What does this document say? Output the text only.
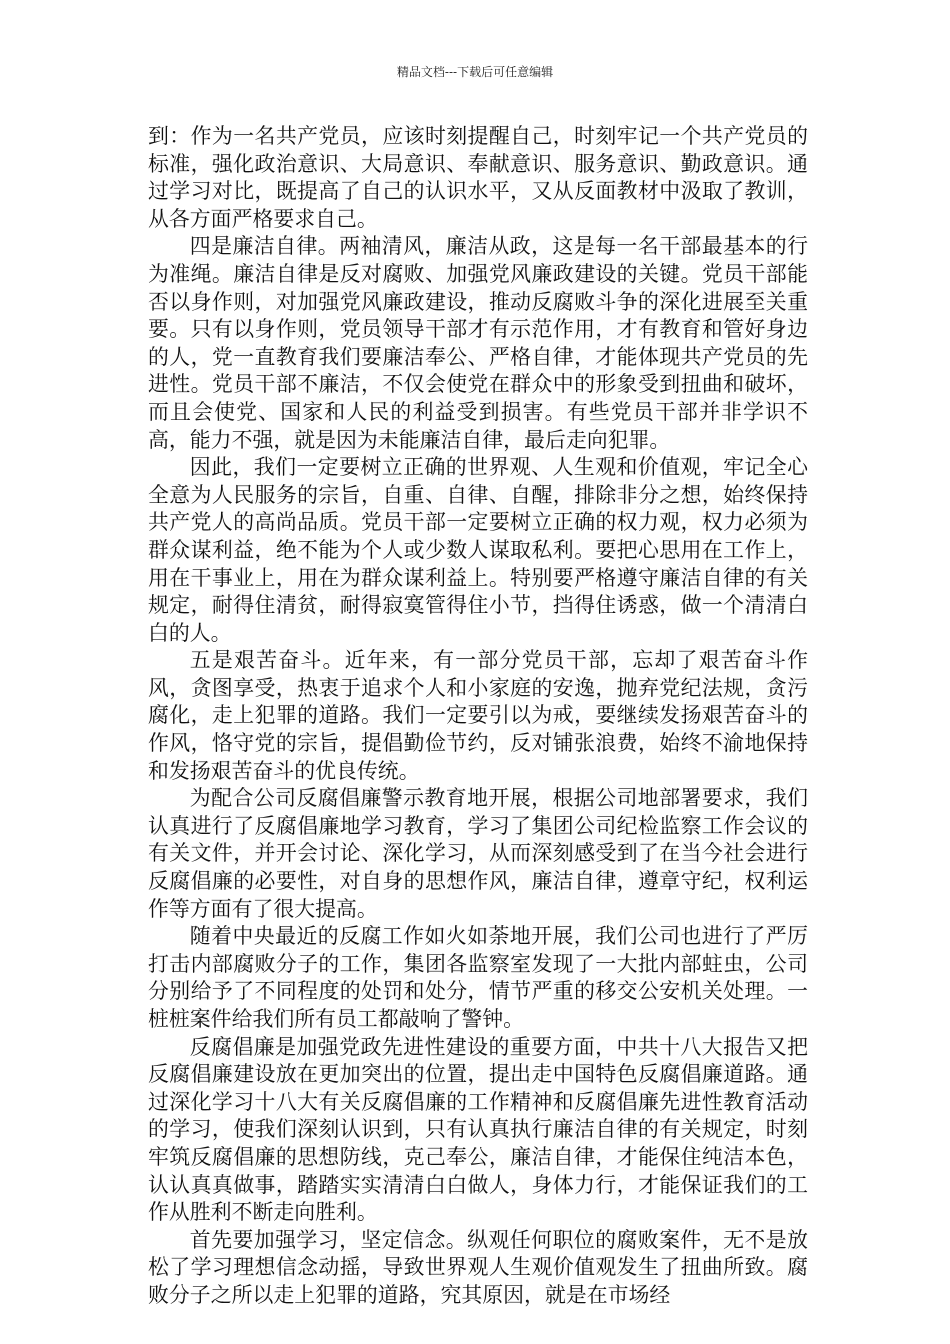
精品文档---下载后可任意编辑

到：作为一名共产党员，应该时刻提醒自己，时刻牢记一个共产党员的标准，强化政治意识、大局意识、奉献意识、服务意识、勤政意识。通过学习对比，既提高了自己的认识水平，又从反面教材中汲取了教训，从各方面严格要求自己。

四是廉洁自律。两袖清风，廉洁从政，这是每一名干部最基本的行为准绳。廉洁自律是反对腐败、加强党风廉政建设的关键。党员干部能否以身作则，对加强党风廉政建设，推动反腐败斗争的深化进展至关重要。只有以身作则，党员领导干部才有示范作用，才有教育和管好身边的人，党一直教育我们要廉洁奉公、严格自律，才能体现共产党员的先进性。党员干部不廉洁，不仅会使党在群众中的形象受到扭曲和破坏，而且会使党、国家和人民的利益受到损害。有些党员干部并非学识不高，能力不强，就是因为未能廉洁自律，最后走向犯罪。

因此，我们一定要树立正确的世界观、人生观和价值观，牢记全心全意为人民服务的宗旨，自重、自律、自醒，排除非分之想，始终保持共产党人的高尚品质。党员干部一定要树立正确的权力观，权力必须为群众谋利益，绝不能为个人或少数人谋取私利。要把心思用在工作上，用在干事业上，用在为群众谋利益上。特别要严格遵守廉洁自律的有关规定，耐得住清贫，耐得寂寞管得住小节，挡得住诱惑，做一个清清白白的人。

五是艰苦奋斗。近年来，有一部分党员干部，忘却了艰苦奋斗作风，贪图享受，热衷于追求个人和小家庭的安逸，抛弃党纪法规，贪污腐化，走上犯罪的道路。我们一定要引以为戒，要继续发扬艰苦奋斗的作风，恪守党的宗旨，提倡勤俭节约，反对铺张浪费，始终不渝地保持和发扬艰苦奋斗的优良传统。

为配合公司反腐倡廉警示教育地开展，根据公司地部署要求，我们认真进行了反腐倡廉地学习教育，学习了集团公司纪检监察工作会议的有关文件，并开会讨论、深化学习，从而深刻感受到了在当今社会进行反腐倡廉的必要性，对自身的思想作风，廉洁自律，遵章守纪，权利运作等方面有了很大提高。

随着中央最近的反腐工作如火如荼地开展，我们公司也进行了严厉打击内部腐败分子的工作，集团各监察室发现了一大批内部蛀虫，公司分别给予了不同程度的处罚和处分，情节严重的移交公安机关处理。一桩桩案件给我们所有员工都敲响了警钟。

反腐倡廉是加强党政先进性建设的重要方面，中共十八大报告又把反腐倡廉建设放在更加突出的位置，提出走中国特色反腐倡廉道路。通过深化学习十八大有关反腐倡廉的工作精神和反腐倡廉先进性教育活动的学习，使我们深刻认识到，只有认真执行廉洁自律的有关规定，时刻牢筑反腐倡廉的思想防线，克己奉公，廉洁自律，才能保住纯洁本色，认认真真做事，踏踏实实清清白白做人，身体力行，才能保证我们的工作从胜利不断走向胜利。

首先要加强学习，坚定信念。纵观任何职位的腐败案件，无不是放松了学习理想信念动摇，导致世界观人生观价值观发生了扭曲所致。腐败分子之所以走上犯罪的道路，究其原因，就是在市场经
